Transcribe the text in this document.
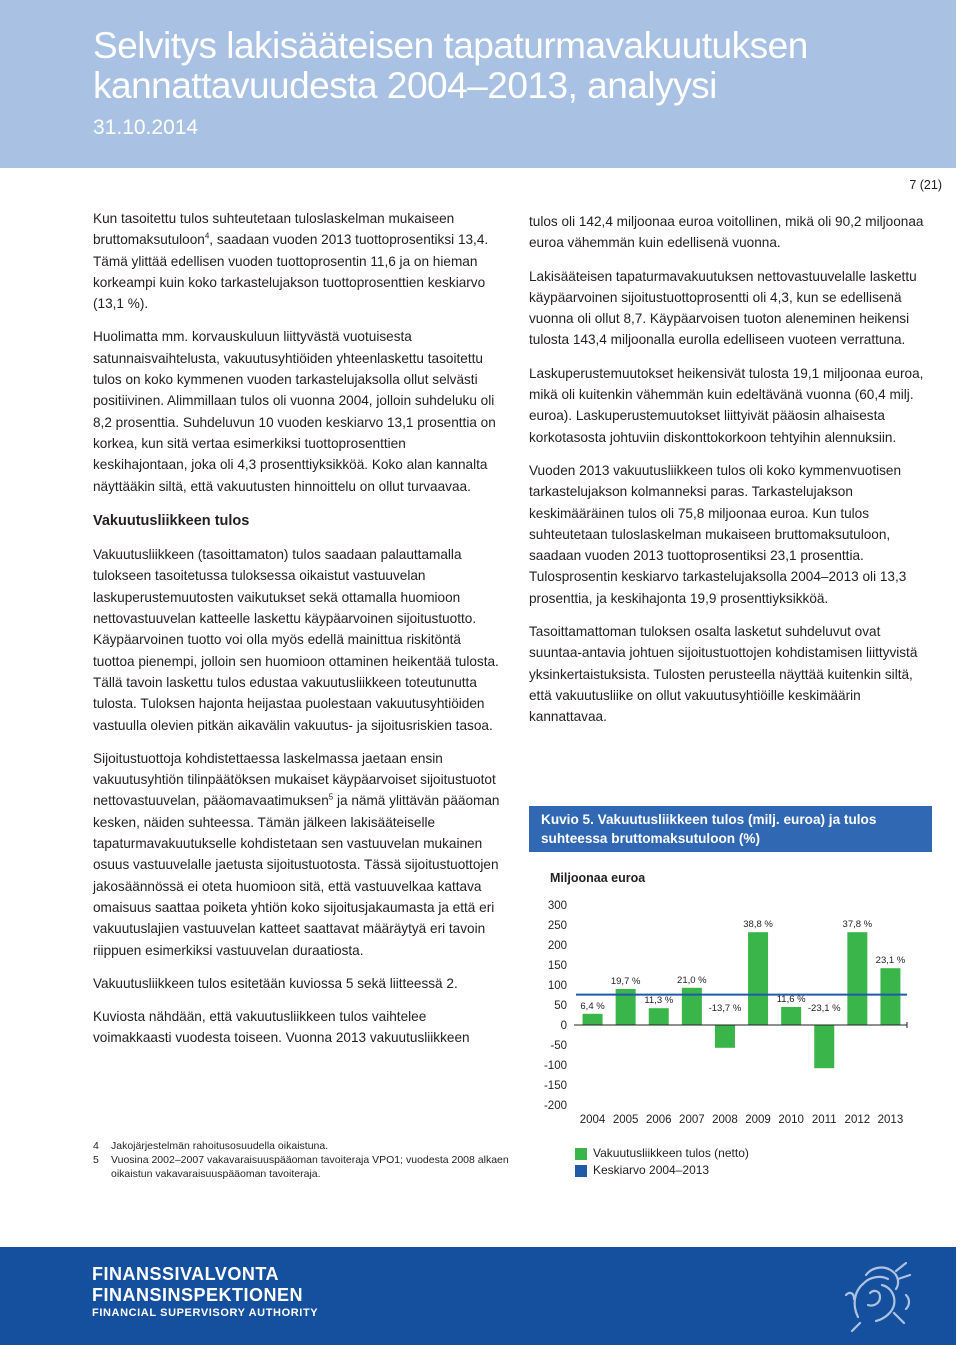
Selvitys lakisääteisen tapaturmavakuutuksen kannattavuudesta 2004–2013, analyysi
31.10.2014
7 (21)

Kun tasoitettu tulos suhteutetaan tuloslaskelman mukaiseen bruttomaksutuloon$^4$, saadaan vuoden 2013 tuottoprosentiksi 13,4. Tämä ylittää edellisen vuoden tuottoprosentin 11,6 ja on hieman korkeampi kuin koko tarkastelujakson tuottoprosenttien keskiarvo (13,1 %).

Huolimatta mm. korvauskuluun liittyvästä vuotuisesta satunnaisvaihtelusta, vakuutusyhtiöiden yhteenlaskettu tasoitettu tulos on koko kymmenen vuoden tarkastelujaksolla ollut selvästi positiivinen. Alimmillaan tulos oli vuonna 2004, jolloin suhdeluku oli 8,2 prosenttia. Suhdeluvun 10 vuoden keskiarvo 13,1 prosenttia on korkea, kun sitä vertaa esimerkiksi tuottoprosenttien keskihajontaan, joka oli 4,3 prosenttiyksikköä. Koko alan kannalta näyttääkin siltä, että vakuutusten hinnoittelu on ollut turvaavaa.

Vakuutusliikkeen tulos

Vakuutusliikkeen (tasoittamaton) tulos saadaan palauttamalla tulokseen tasoitetussa tuloksessa oikaistut vastuuvelan laskuperustemuutosten vaikutukset sekä ottamalla huomioon nettovastuuvelan katteelle laskettu käypäarvoinen sijoitustuotto. Käypäarvoinen tuotto voi olla myös edellä mainittua riskitöntä tuottoa pienempi, jolloin sen huomioon ottaminen heikentää tulosta. Tällä tavoin laskettu tulos edustaa vakuutusliikkeen toteutunutta tulosta. Tuloksen hajonta heijastaa puolestaan vakuutusyhtiöiden vastuulla olevien pitkän aikavälin vakuutus- ja sijoitusriskien tasoa.

Sijoitustuottoja kohdistettaessa laskelmassa jaetaan ensin vakuutusyhtiön tilinpäätöksen mukaiset käypäarvoiset sijoitustuotot nettovastuuvelan, pääomavaatimuksen$^5$ ja nämä ylittävän pääoman kesken, näiden suhteessa. Tämän jälkeen lakisääteiselle tapaturmavakuutukselle kohdistetaan sen vastuuvelan mukainen osuus vastuuvelalle jaetusta sijoitustuotosta. Tässä sijoitustuottojen jakosäännössä ei oteta huomioon sitä, että vastuuvelkaa kattava omaisuus saattaa poiketa yhtiön koko sijoitusjakaumasta ja että eri vakuutuslajien vastuuvelan katteet saattavat määräytyä eri tavoin riippuen esimerkiksi vastuuvelan duraatiosta.

Vakuutusliikkeen tulos esitetään kuviossa 5 sekä liitteessä 2.

Kuviosta nähdään, että vakuutusliikkeen tulos vaihtelee voimakkaasti vuodesta toiseen. Vuonna 2013 vakuutusliikkeen

tulos oli 142,4 miljoonaa euroa voitollinen, mikä oli 90,2 miljoonaa euroa vähemmän kuin edellisenä vuonna.

Lakisääteisen tapaturmavakuutuksen nettovastuuvelalle laskettu käypäarvoinen sijoitustuottoprosentti oli 4,3, kun se edellisenä vuonna oli ollut 8,7. Käypäarvoisen tuoton aleneminen heikensi tulosta 143,4 miljoonalla eurolla edelliseen vuoteen verrattuna.

Laskuperustemuutokset heikensivät tulosta 19,1 miljoonaa euroa, mikä oli kuitenkin vähemmän kuin edeltävänä vuonna (60,4 milj. euroa). Laskuperustemuutokset liittyivät pääosin alhaisesta korkotasosta johtuviin diskonttokorkoon tehtyihin alennuksiin.

Vuoden 2013 vakuutusliikkeen tulos oli koko kymmenvuotisen tarkastelujakson kolmanneksi paras. Tarkastelujakson keskimääräinen tulos oli 75,8 miljoonaa euroa. Kun tulos suhteutetaan tuloslaskelman mukaiseen bruttomaksutuloon, saadaan vuoden 2013 tuottoprosentiksi 23,1 prosenttia. Tulosprosentin keskiarvo tarkastelujaksolla 2004–2013 oli 13,3 prosenttia, ja keskihajonta 19,9 prosenttiyksikköä.

Tasoittamattoman tuloksen osalta lasketut suhdeluvut ovat suuntaa-antavia johtuen sijoitustuottojen kohdistamisen liittyvistä yksinkertaistuksista. Tulosten perusteella näyttää kuitenkin siltä, että vakuutusliike on ollut vakuutusyhtiöille keskimäärin kannattavaa.

4	Jakojärjestelmän rahoitusosuudella oikaistuna.
5	Vuosina 2002–2007 vakavaraisuuspääoman tavoiteraja VPO1; vuodesta 2008 alkaen oikaistun vakavaraisuuspääoman tavoiteraja.
Kuvio 5. Vakuutusliikkeen tulos (milj. euroa) ja tulos suhteessa bruttomaksutuloon (%)
Miljoonaa euroa
300
250
200
150
100
50
0
-50
-100
-150
-200
6,4 %
2004
19,7 %
2005
11,3 %
2006
21,0 %
2007
-13,7 %
2008
38,8 %
2009
11,6 %
2010
-23,1 %
2011
37,8 %
2012
23,1 %
2013
Vakuutusliikkeen tulos (netto)
Keskiarvo 2004–2013
FINANSSIVALVONTA
FINANSINSPEKTIONEN
FINANCIAL SUPERVISORY AUTHORITY
